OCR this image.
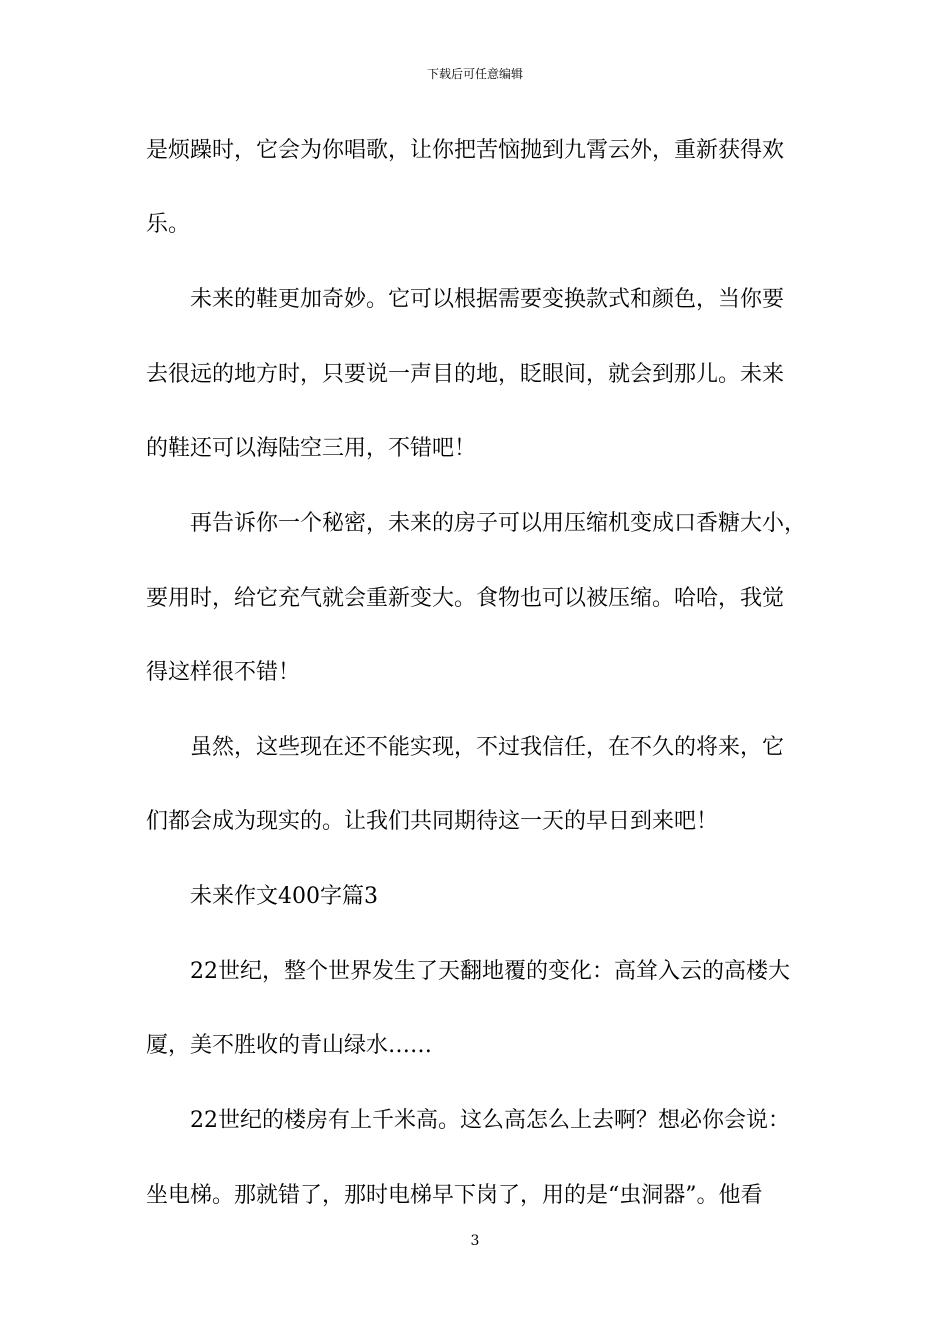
下载后可任意编辑
是烦躁时，它会为你唱歌，让你把苦恼抛到九霄云外，重新获得欢
乐。
未来的鞋更加奇妙。它可以根据需要变换款式和颜色，当你要
去很远的地方时，只要说一声目的地，眨眼间，就会到那儿。未来
的鞋还可以海陆空三用，不错吧！
再告诉你一个秘密，未来的房子可以用压缩机变成口香糖大小，
要用时，给它充气就会重新变大。食物也可以被压缩。哈哈，我觉
得这样很不错！
虽然，这些现在还不能实现，不过我信任，在不久的将来，它
们都会成为现实的。让我们共同期待这一天的早日到来吧！
未来作文400字篇3
22世纪，整个世界发生了天翻地覆的变化：高耸入云的高楼大
厦，美不胜收的青山绿水……
22世纪的楼房有上千米高。这么高怎么上去啊？想必你会说：
坐电梯。那就错了，那时电梯早下岗了，用的是“虫洞器”。他看
3
